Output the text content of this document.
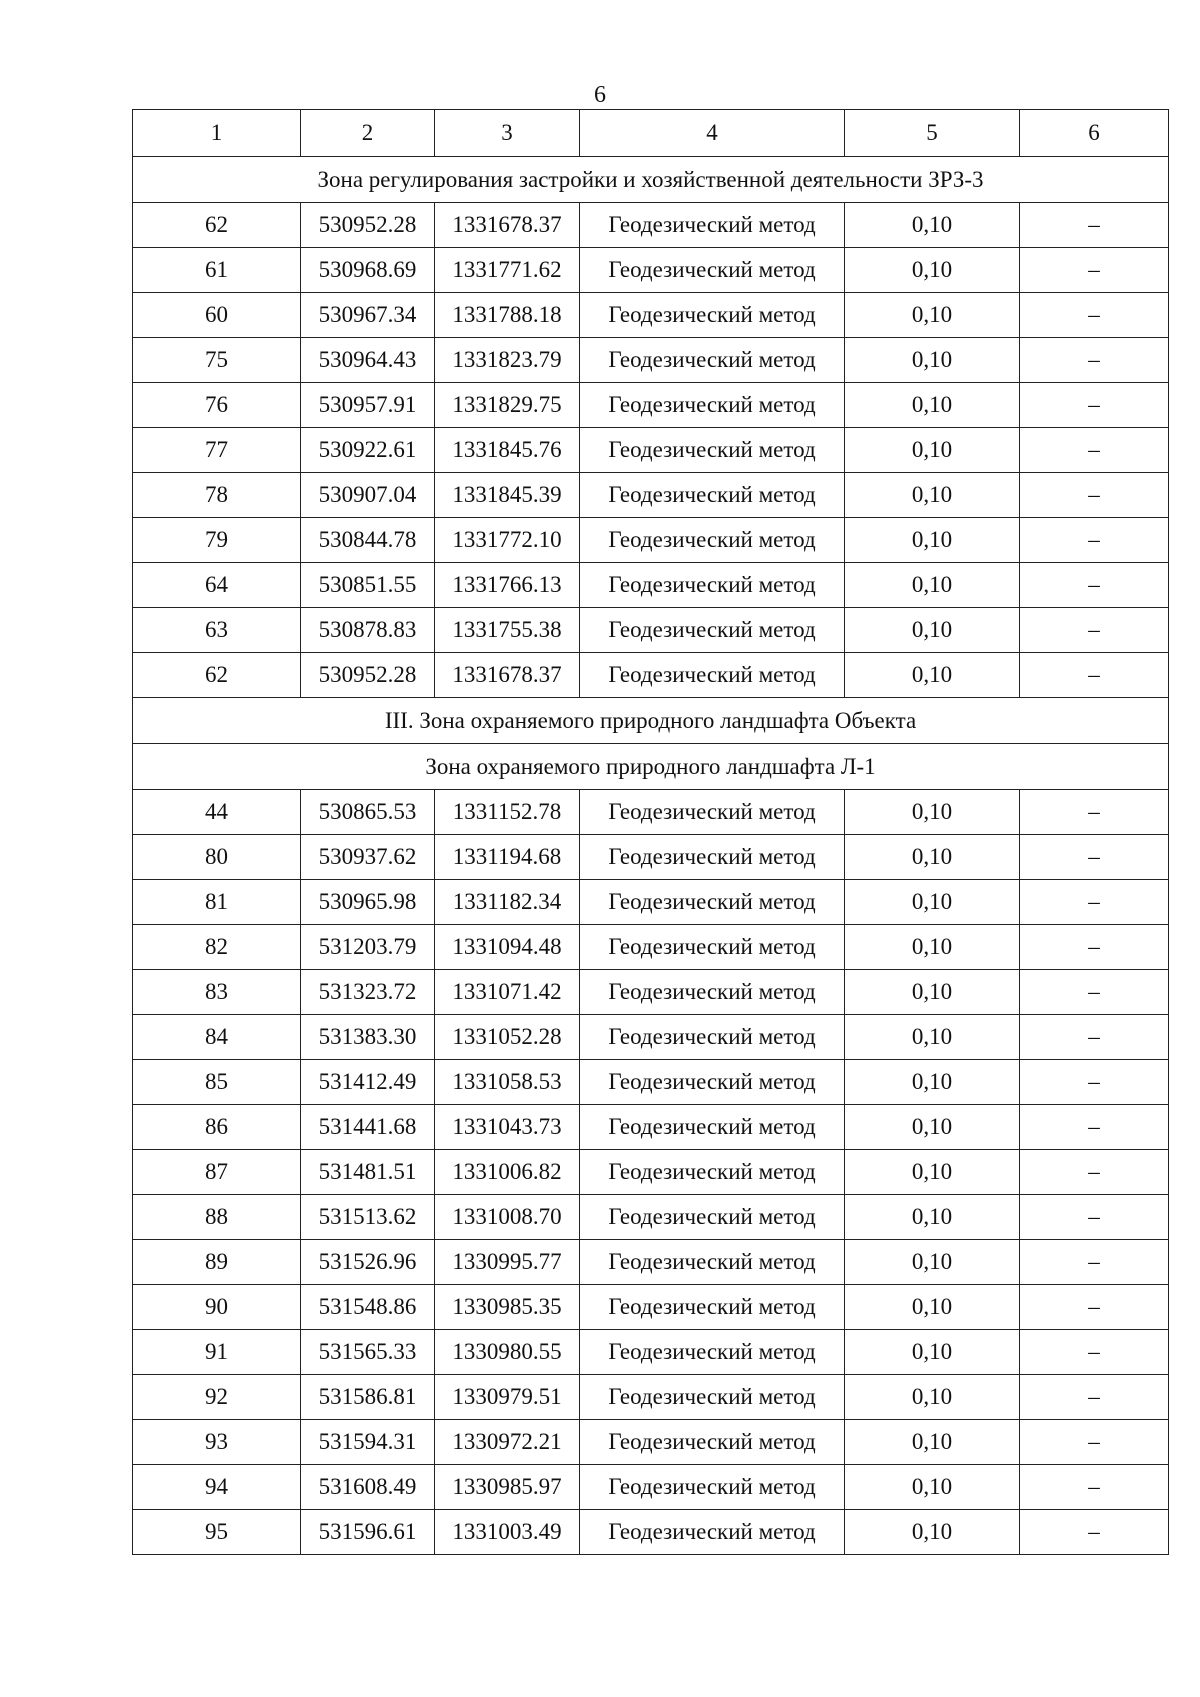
6
1	2	3	4	5	6
Зона регулирования застройки и хозяйственной деятельности ЗРЗ-3					
62	530952.28	1331678.37	Геодезический метод	0,10	–
61	530968.69	1331771.62	Геодезический метод	0,10	–
60	530967.34	1331788.18	Геодезический метод	0,10	–
75	530964.43	1331823.79	Геодезический метод	0,10	–
76	530957.91	1331829.75	Геодезический метод	0,10	–
77	530922.61	1331845.76	Геодезический метод	0,10	–
78	530907.04	1331845.39	Геодезический метод	0,10	–
79	530844.78	1331772.10	Геодезический метод	0,10	–
64	530851.55	1331766.13	Геодезический метод	0,10	–
63	530878.83	1331755.38	Геодезический метод	0,10	–
62	530952.28	1331678.37	Геодезический метод	0,10	–
III. Зона охраняемого природного ландшафта Объекта					
Зона охраняемого природного ландшафта Л-1					
44	530865.53	1331152.78	Геодезический метод	0,10	–
80	530937.62	1331194.68	Геодезический метод	0,10	–
81	530965.98	1331182.34	Геодезический метод	0,10	–
82	531203.79	1331094.48	Геодезический метод	0,10	–
83	531323.72	1331071.42	Геодезический метод	0,10	–
84	531383.30	1331052.28	Геодезический метод	0,10	–
85	531412.49	1331058.53	Геодезический метод	0,10	–
86	531441.68	1331043.73	Геодезический метод	0,10	–
87	531481.51	1331006.82	Геодезический метод	0,10	–
88	531513.62	1331008.70	Геодезический метод	0,10	–
89	531526.96	1330995.77	Геодезический метод	0,10	–
90	531548.86	1330985.35	Геодезический метод	0,10	–
91	531565.33	1330980.55	Геодезический метод	0,10	–
92	531586.81	1330979.51	Геодезический метод	0,10	–
93	531594.31	1330972.21	Геодезический метод	0,10	–
94	531608.49	1330985.97	Геодезический метод	0,10	–
95	531596.61	1331003.49	Геодезический метод	0,10	–
